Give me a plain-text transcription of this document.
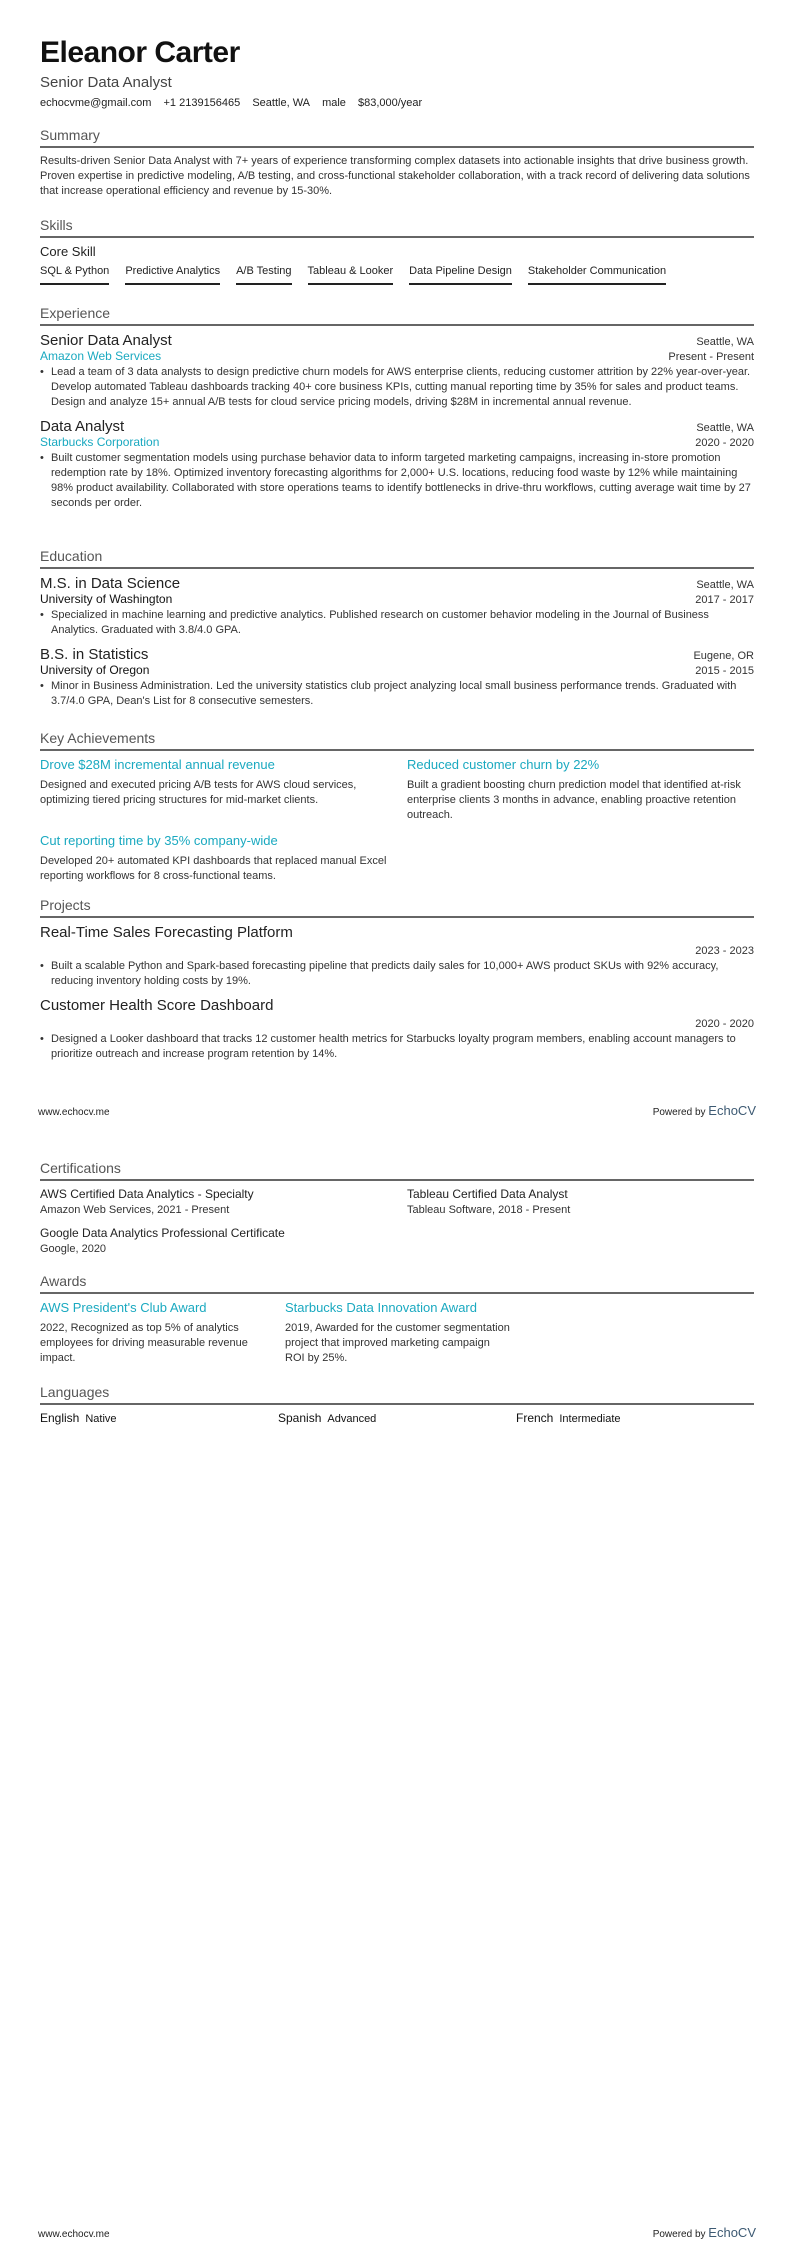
Eleanor Carter
Senior Data Analyst
echocvme@gmail.com +1 2139156465 Seattle, WA male $83,000/year
Summary
Results-driven Senior Data Analyst with 7+ years of experience transforming complex datasets into actionable insights that drive business growth. Proven expertise in predictive modeling, A/B testing, and cross-functional stakeholder collaboration, with a track record of delivering data solutions that increase operational efficiency and revenue by 15-30%.
Skills
Core Skill
SQL & Python Predictive Analytics A/B Testing Tableau & Looker Data Pipeline Design Stakeholder Communication
Experience
Senior Data Analyst	Seattle, WA
Amazon Web Services	Present - Present
• Lead a team of 3 data analysts to design predictive churn models for AWS enterprise clients, reducing customer attrition by 22% year-over-year. Develop automated Tableau dashboards tracking 40+ core business KPIs, cutting manual reporting time by 35% for sales and product teams. Design and analyze 15+ annual A/B tests for cloud service pricing models, driving $28M in incremental annual revenue.
Data Analyst	Seattle, WA
Starbucks Corporation	2020 - 2020
• Built customer segmentation models using purchase behavior data to inform targeted marketing campaigns, increasing in-store promotion redemption rate by 18%. Optimized inventory forecasting algorithms for 2,000+ U.S. locations, reducing food waste by 12% while maintaining 98% product availability. Collaborated with store operations teams to identify bottlenecks in drive-thru workflows, cutting average wait time by 27 seconds per order.
Education
M.S. in Data Science	Seattle, WA
University of Washington	2017 - 2017
• Specialized in machine learning and predictive analytics. Published research on customer behavior modeling in the Journal of Business Analytics. Graduated with 3.8/4.0 GPA.
B.S. in Statistics	Eugene, OR
University of Oregon	2015 - 2015
• Minor in Business Administration. Led the university statistics club project analyzing local small business performance trends. Graduated with 3.7/4.0 GPA, Dean's List for 8 consecutive semesters.
Key Achievements
Drove $28M incremental annual revenue
Designed and executed pricing A/B tests for AWS cloud services, optimizing tiered pricing structures for mid-market clients.
Reduced customer churn by 22%
Built a gradient boosting churn prediction model that identified at-risk enterprise clients 3 months in advance, enabling proactive retention outreach.
Cut reporting time by 35% company-wide
Developed 20+ automated KPI dashboards that replaced manual Excel reporting workflows for 8 cross-functional teams.
Projects
Real-Time Sales Forecasting Platform
2023 - 2023
• Built a scalable Python and Spark-based forecasting pipeline that predicts daily sales for 10,000+ AWS product SKUs with 92% accuracy, reducing inventory holding costs by 19%.
Customer Health Score Dashboard
2020 - 2020
• Designed a Looker dashboard that tracks 12 customer health metrics for Starbucks loyalty program members, enabling account managers to prioritize outreach and increase program retention by 14%.
www.echocv.me	Powered by EchoCV
Certifications
AWS Certified Data Analytics - Specialty
Amazon Web Services, 2021 - Present
Tableau Certified Data Analyst
Tableau Software, 2018 - Present
Google Data Analytics Professional Certificate
Google, 2020
Awards
AWS President's Club Award
2022, Recognized as top 5% of analytics employees for driving measurable revenue impact.
Starbucks Data Innovation Award
2019, Awarded for the customer segmentation project that improved marketing campaign ROI by 25%.
Languages
English Native	Spanish Advanced	French Intermediate
www.echocv.me	Powered by EchoCV
